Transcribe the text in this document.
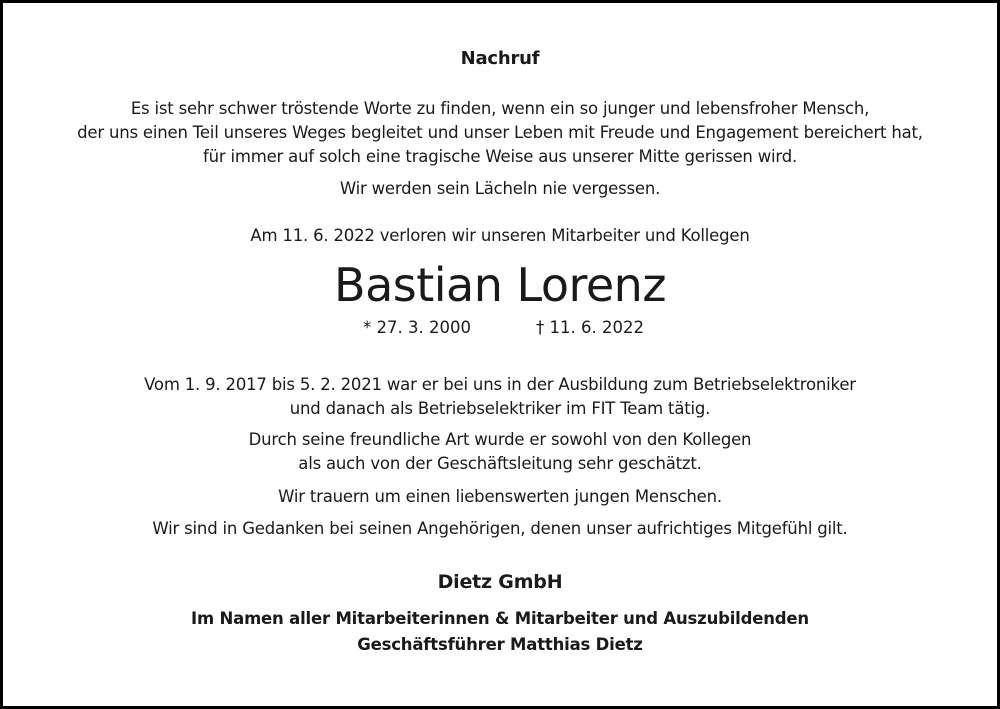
Nachruf
Es ist sehr schwer tröstende Worte zu finden, wenn ein so junger und lebensfroher Mensch,
der uns einen Teil unseres Weges begleitet und unser Leben mit Freude und Engagement bereichert hat,
für immer auf solch eine tragische Weise aus unserer Mitte gerissen wird.
Wir werden sein Lächeln nie vergessen.
Am 11. 6. 2022 verloren wir unseren Mitarbeiter und Kollegen
Bastian Lorenz
* 27. 3. 2000	† 11. 6. 2022
Vom 1. 9. 2017 bis 5. 2. 2021 war er bei uns in der Ausbildung zum Betriebselektroniker
und danach als Betriebselektriker im FIT Team tätig.
Durch seine freundliche Art wurde er sowohl von den Kollegen
als auch von der Geschäftsleitung sehr geschätzt.
Wir trauern um einen liebenswerten jungen Menschen.
Wir sind in Gedanken bei seinen Angehörigen, denen unser aufrichtiges Mitgefühl gilt.
Dietz GmbH
Im Namen aller Mitarbeiterinnen & Mitarbeiter und Auszubildenden
Geschäftsführer Matthias Dietz
